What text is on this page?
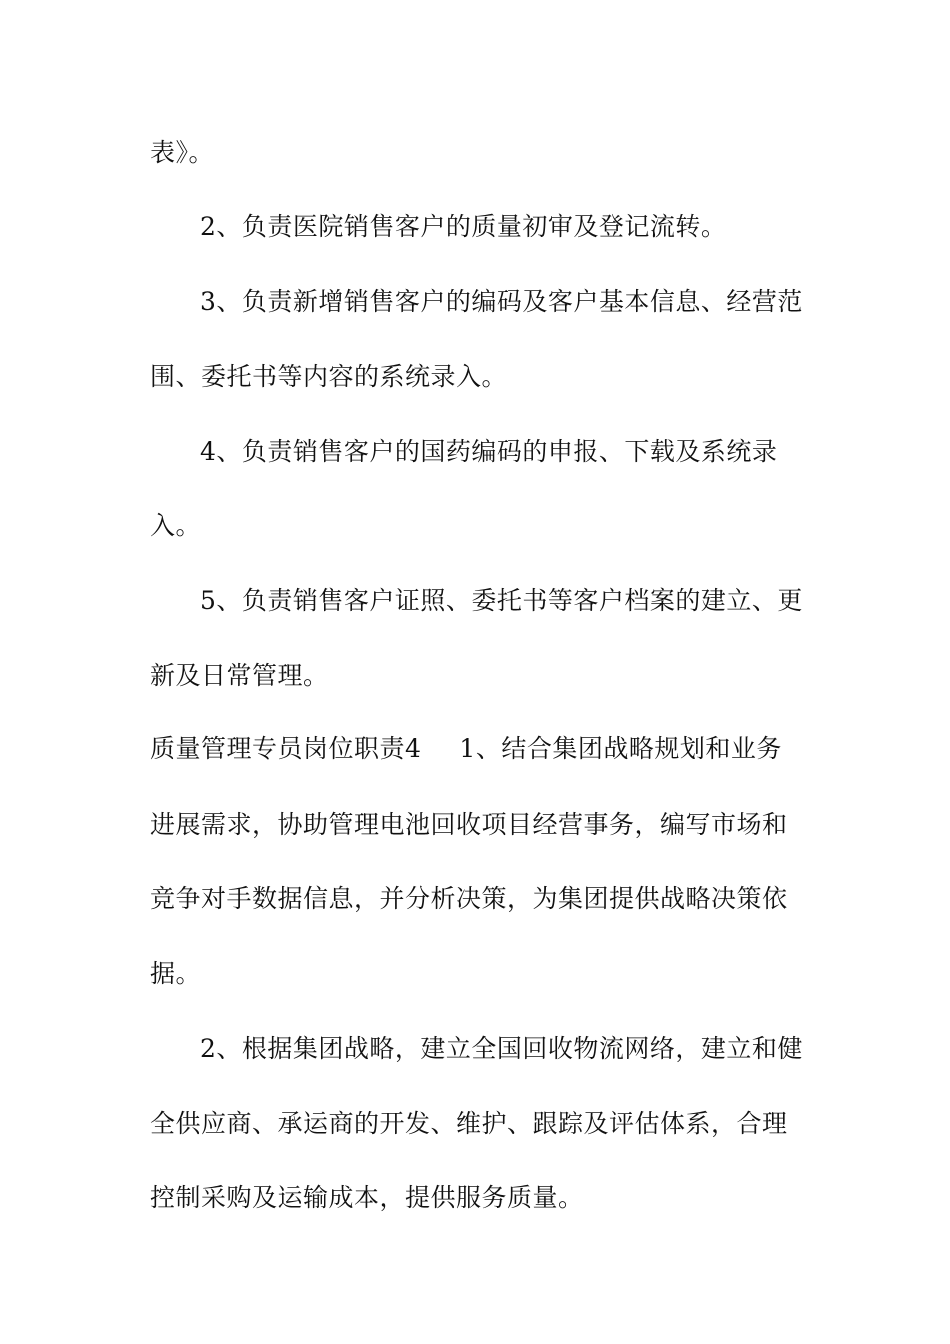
表》。
2、负责医院销售客户的质量初审及登记流转。
3、负责新增销售客户的编码及客户基本信息、经营范
围、委托书等内容的系统录入。
4、负责销售客户的国药编码的申报、下载及系统录
入。
5、负责销售客户证照、委托书等客户档案的建立、更
新及日常管理。
质量管理专员岗位职责4 1、结合集团战略规划和业务
进展需求，协助管理电池回收项目经营事务，编写市场和
竞争对手数据信息，并分析决策，为集团提供战略决策依
据。
2、根据集团战略，建立全国回收物流网络，建立和健
全供应商、承运商的开发、维护、跟踪及评估体系，合理
控制采购及运输成本，提供服务质量。
